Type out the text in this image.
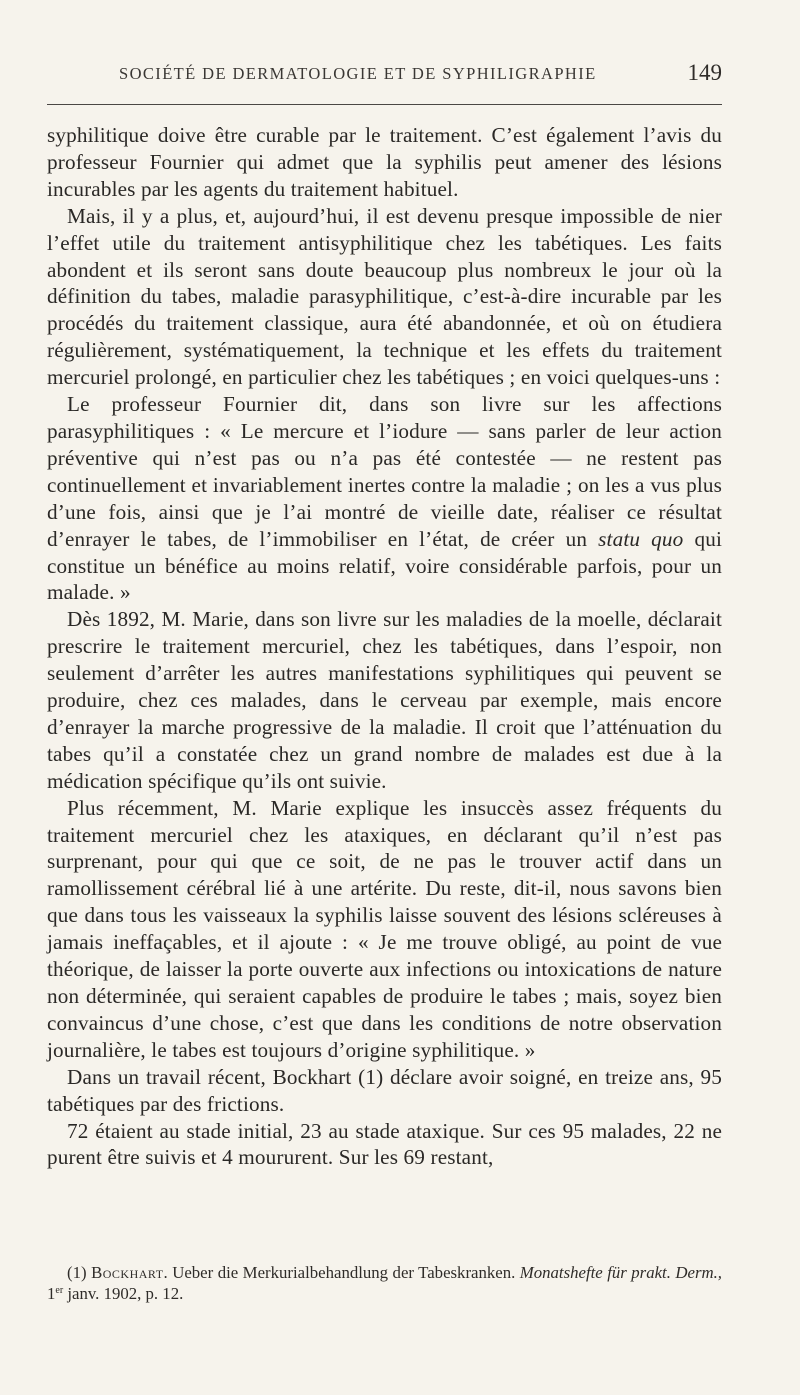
SOCIÉTÉ DE DERMATOLOGIE ET DE SYPHILIGRAPHIE	149

syphilitique doive être curable par le traitement. C’est également l’avis du professeur Fournier qui admet que la syphilis peut amener des lésions incurables par les agents du traitement habituel.

Mais, il y a plus, et, aujourd’hui, il est devenu presque impossible de nier l’effet utile du traitement antisyphilitique chez les tabétiques. Les faits abondent et ils seront sans doute beaucoup plus nombreux le jour où la définition du tabes, maladie parasyphilitique, c’est-à-dire incurable par les procédés du traitement classique, aura été abandonnée, et où on étudiera régulièrement, systématiquement, la technique et les effets du traitement mercuriel prolongé, en particulier chez les tabétiques ; en voici quelques-uns :

Le professeur Fournier dit, dans son livre sur les affections parasyphilitiques : « Le mercure et l’iodure — sans parler de leur action préventive qui n’est pas ou n’a pas été contestée — ne restent pas continuellement et invariablement inertes contre la maladie ; on les a vus plus d’une fois, ainsi que je l’ai montré de vieille date, réaliser ce résultat d’enrayer le tabes, de l’immobiliser en l’état, de créer un statu quo qui constitue un bénéfice au moins relatif, voire considérable parfois, pour un malade. »

Dès 1892, M. Marie, dans son livre sur les maladies de la moelle, déclarait prescrire le traitement mercuriel, chez les tabétiques, dans l’espoir, non seulement d’arrêter les autres manifestations syphilitiques qui peuvent se produire, chez ces malades, dans le cerveau par exemple, mais encore d’enrayer la marche progressive de la maladie. Il croit que l’atténuation du tabes qu’il a constatée chez un grand nombre de malades est due à la médication spécifique qu’ils ont suivie.

Plus récemment, M. Marie explique les insuccès assez fréquents du traitement mercuriel chez les ataxiques, en déclarant qu’il n’est pas surprenant, pour qui que ce soit, de ne pas le trouver actif dans un ramollissement cérébral lié à une artérite. Du reste, dit-il, nous savons bien que dans tous les vaisseaux la syphilis laisse souvent des lésions scléreuses à jamais ineffaçables, et il ajoute : « Je me trouve obligé, au point de vue théorique, de laisser la porte ouverte aux infections ou intoxications de nature non déterminée, qui seraient capables de produire le tabes ; mais, soyez bien convaincus d’une chose, c’est que dans les conditions de notre observation journalière, le tabes est toujours d’origine syphilitique. »

Dans un travail récent, Bockhart (1) déclare avoir soigné, en treize ans, 95 tabétiques par des frictions.

72 étaient au stade initial, 23 au stade ataxique. Sur ces 95 malades, 22 ne purent être suivis et 4 moururent. Sur les 69 restant,

(1) Bockhart. Ueber die Merkurialbehandlung der Tabeskranken. Monatshefte für prakt. Derm., 1er janv. 1902, p. 12.
